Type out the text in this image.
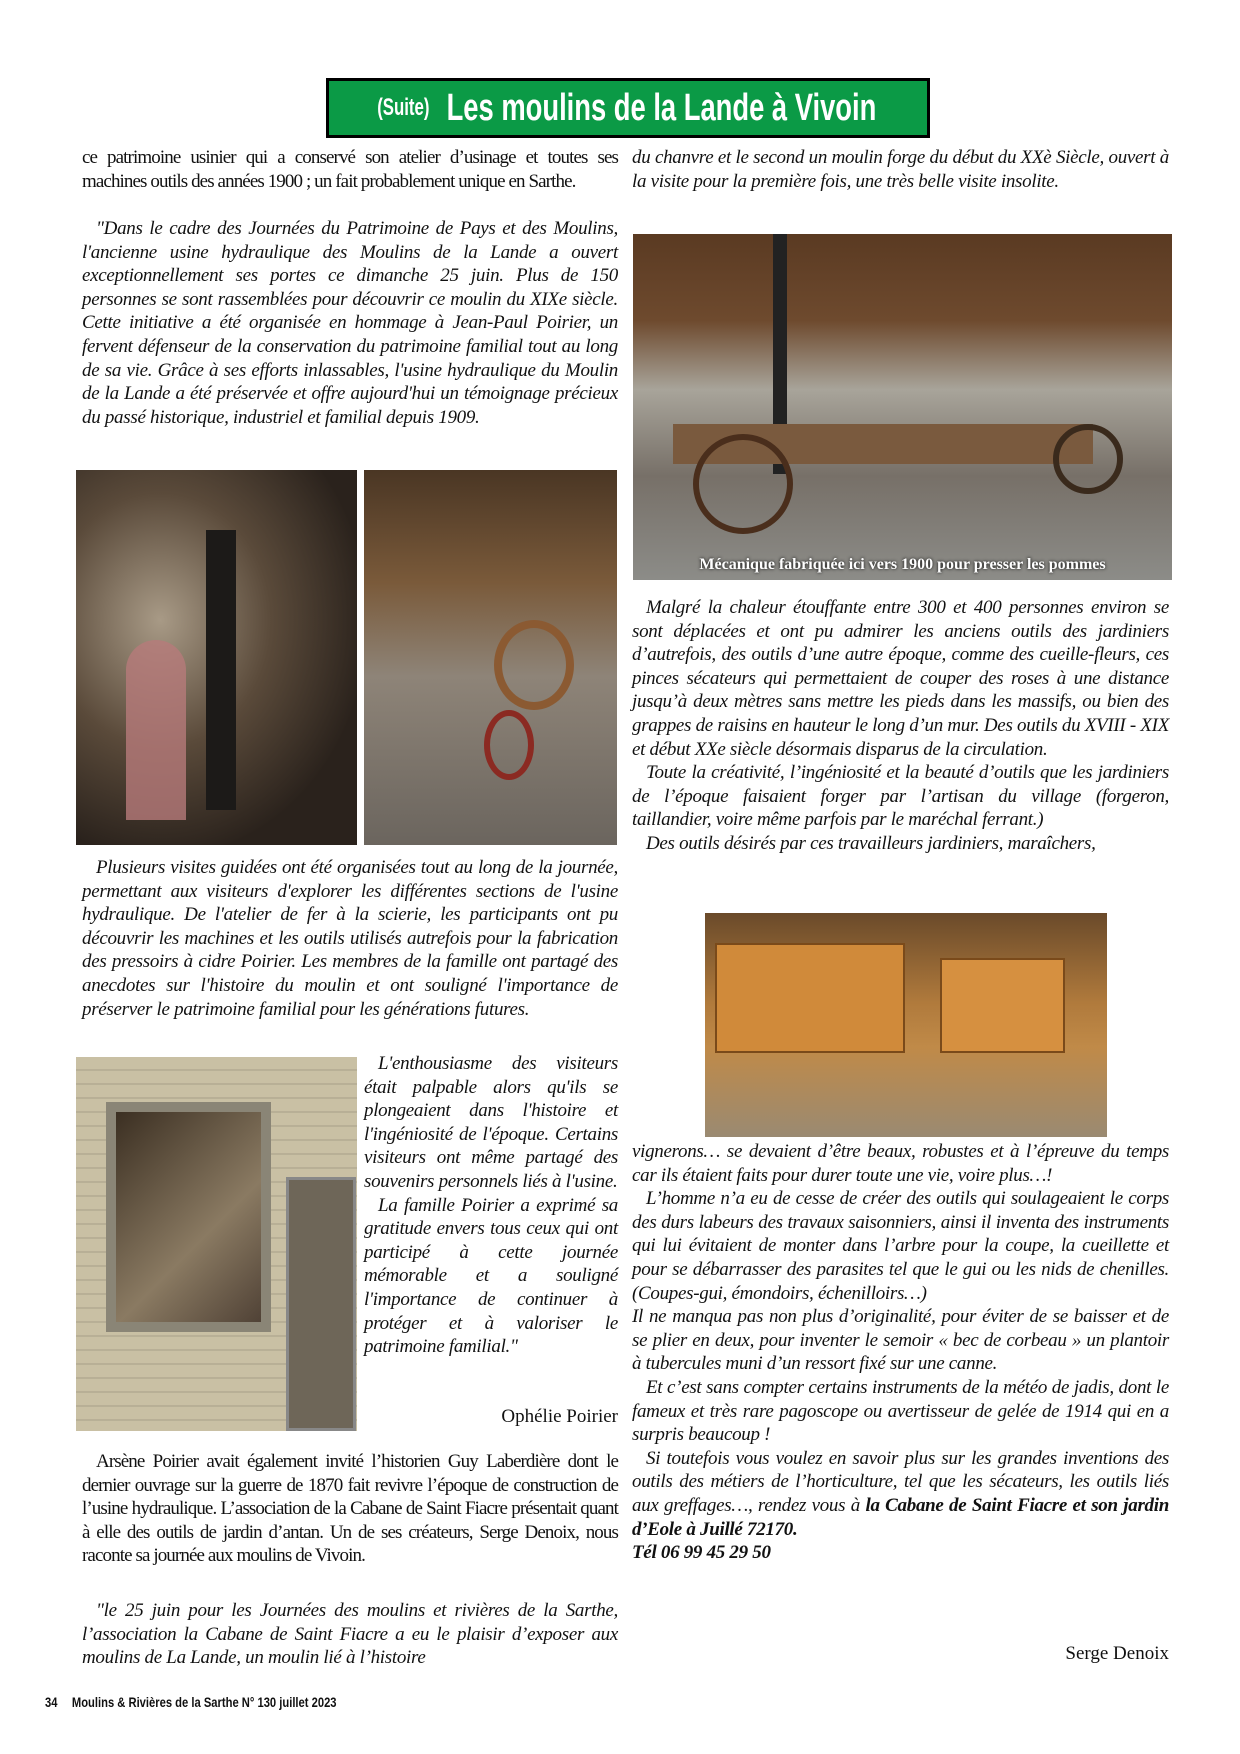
(Suite) Les moulins de la Lande à Vivoin

ce patrimoine usinier qui a conservé son atelier d’usinage et toutes ses machines outils des années 1900 ; un fait probablement unique en Sarthe.

"Dans le cadre des Journées du Patrimoine de Pays et des Moulins, l'ancienne usine hydraulique des Moulins de la Lande a ouvert exceptionnellement ses portes ce dimanche 25 juin. Plus de 150 personnes se sont rassemblées pour découvrir ce moulin du XIXe siècle. Cette initiative a été organisée en hommage à Jean-Paul Poirier, un fervent défenseur de la conservation du patrimoine familial tout au long de sa vie. Grâce à ses efforts inlassables, l'usine hydraulique du Moulin de la Lande a été préservée et offre aujourd'hui un témoignage précieux du passé historique, industriel et familial depuis 1909.

Plusieurs visites guidées ont été organisées tout au long de la journée, permettant aux visiteurs d'explorer les différentes sections de l'usine hydraulique. De l'atelier de fer à la scierie, les participants ont pu découvrir les machines et les outils utilisés autrefois pour la fabrication des pressoirs à cidre Poirier. Les membres de la famille ont partagé des anecdotes sur l'histoire du moulin et ont souligné l'importance de préserver le patrimoine familial pour les générations futures.

L'enthousiasme des visiteurs était palpable alors qu'ils se plongeaient dans l'histoire et l'ingéniosité de l'époque. Certains visiteurs ont même partagé des souvenirs personnels liés à l'usine.

La famille Poirier a exprimé sa gratitude envers tous ceux qui ont participé à cette journée mémorable et a souligné l'importance de continuer à protéger et à valoriser le patrimoine familial."

Ophélie Poirier

Arsène Poirier avait également invité l’historien Guy Laberdière dont le dernier ouvrage sur la guerre de 1870 fait revivre l’époque de construction de l’usine hydraulique. L’association de la Cabane de Saint Fiacre présentait quant à elle des outils de jardin d’antan. Un de ses créateurs, Serge Denoix, nous raconte sa journée aux moulins de Vivoin.

"le 25 juin pour les Journées des moulins et rivières de la Sarthe, l’association la Cabane de Saint Fiacre a eu le plaisir d’exposer aux moulins de La Lande, un moulin lié à l’histoire

du chanvre et le second un moulin forge du début du XXè Siècle, ouvert à la visite pour la première fois, une très belle visite insolite.

Mécanique fabriquée ici vers 1900 pour presser les pommes

Malgré la chaleur étouffante entre 300 et 400 personnes environ se sont déplacées et ont pu admirer les anciens outils des jardiniers d’autrefois, des outils d’une autre époque, comme des cueille-fleurs, ces pinces sécateurs qui permettaient de couper des roses à une distance jusqu’à deux mètres sans mettre les pieds dans les massifs, ou bien des grappes de raisins en hauteur le long d’un mur. Des outils du XVIII - XIX et début XXe siècle désormais disparus de la circulation.

Toute la créativité, l’ingéniosité et la beauté d’outils que les jardiniers de l’époque faisaient forger par l’artisan du village (forgeron, taillandier, voire même parfois par le maréchal ferrant.)

Des outils désirés par ces travailleurs jardiniers, maraîchers,

vignerons… se devaient d’être beaux, robustes et à l’épreuve du temps car ils étaient faits pour durer toute une vie, voire plus…!

L’homme n’a eu de cesse de créer des outils qui soulageaient le corps des durs labeurs des travaux saisonniers, ainsi il inventa des instruments qui lui évitaient de monter dans l’arbre pour la coupe, la cueillette et pour se débarrasser des parasites tel que le gui ou les nids de chenilles. (Coupes-gui, émondoirs, échenilloirs…)

Il ne manqua pas non plus d’originalité, pour éviter de se baisser et de se plier en deux, pour inventer le semoir « bec de corbeau » un plantoir à tubercules muni d’un ressort fixé sur une canne.

Et c’est sans compter certains instruments de la météo de jadis, dont le fameux et très rare pagoscope ou avertisseur de gelée de 1914 qui en a surpris beaucoup !

Si toutefois vous voulez en savoir plus sur les grandes inventions des outils des métiers de l’horticulture, tel que les sécateurs, les outils liés aux greffages…, rendez vous à la Cabane de Saint Fiacre et son jardin d’Eole à Juillé 72170.

Tél 06 99 45 29 50

Serge Denoix
34 Moulins & Rivières de la Sarthe N° 130 juillet 2023
